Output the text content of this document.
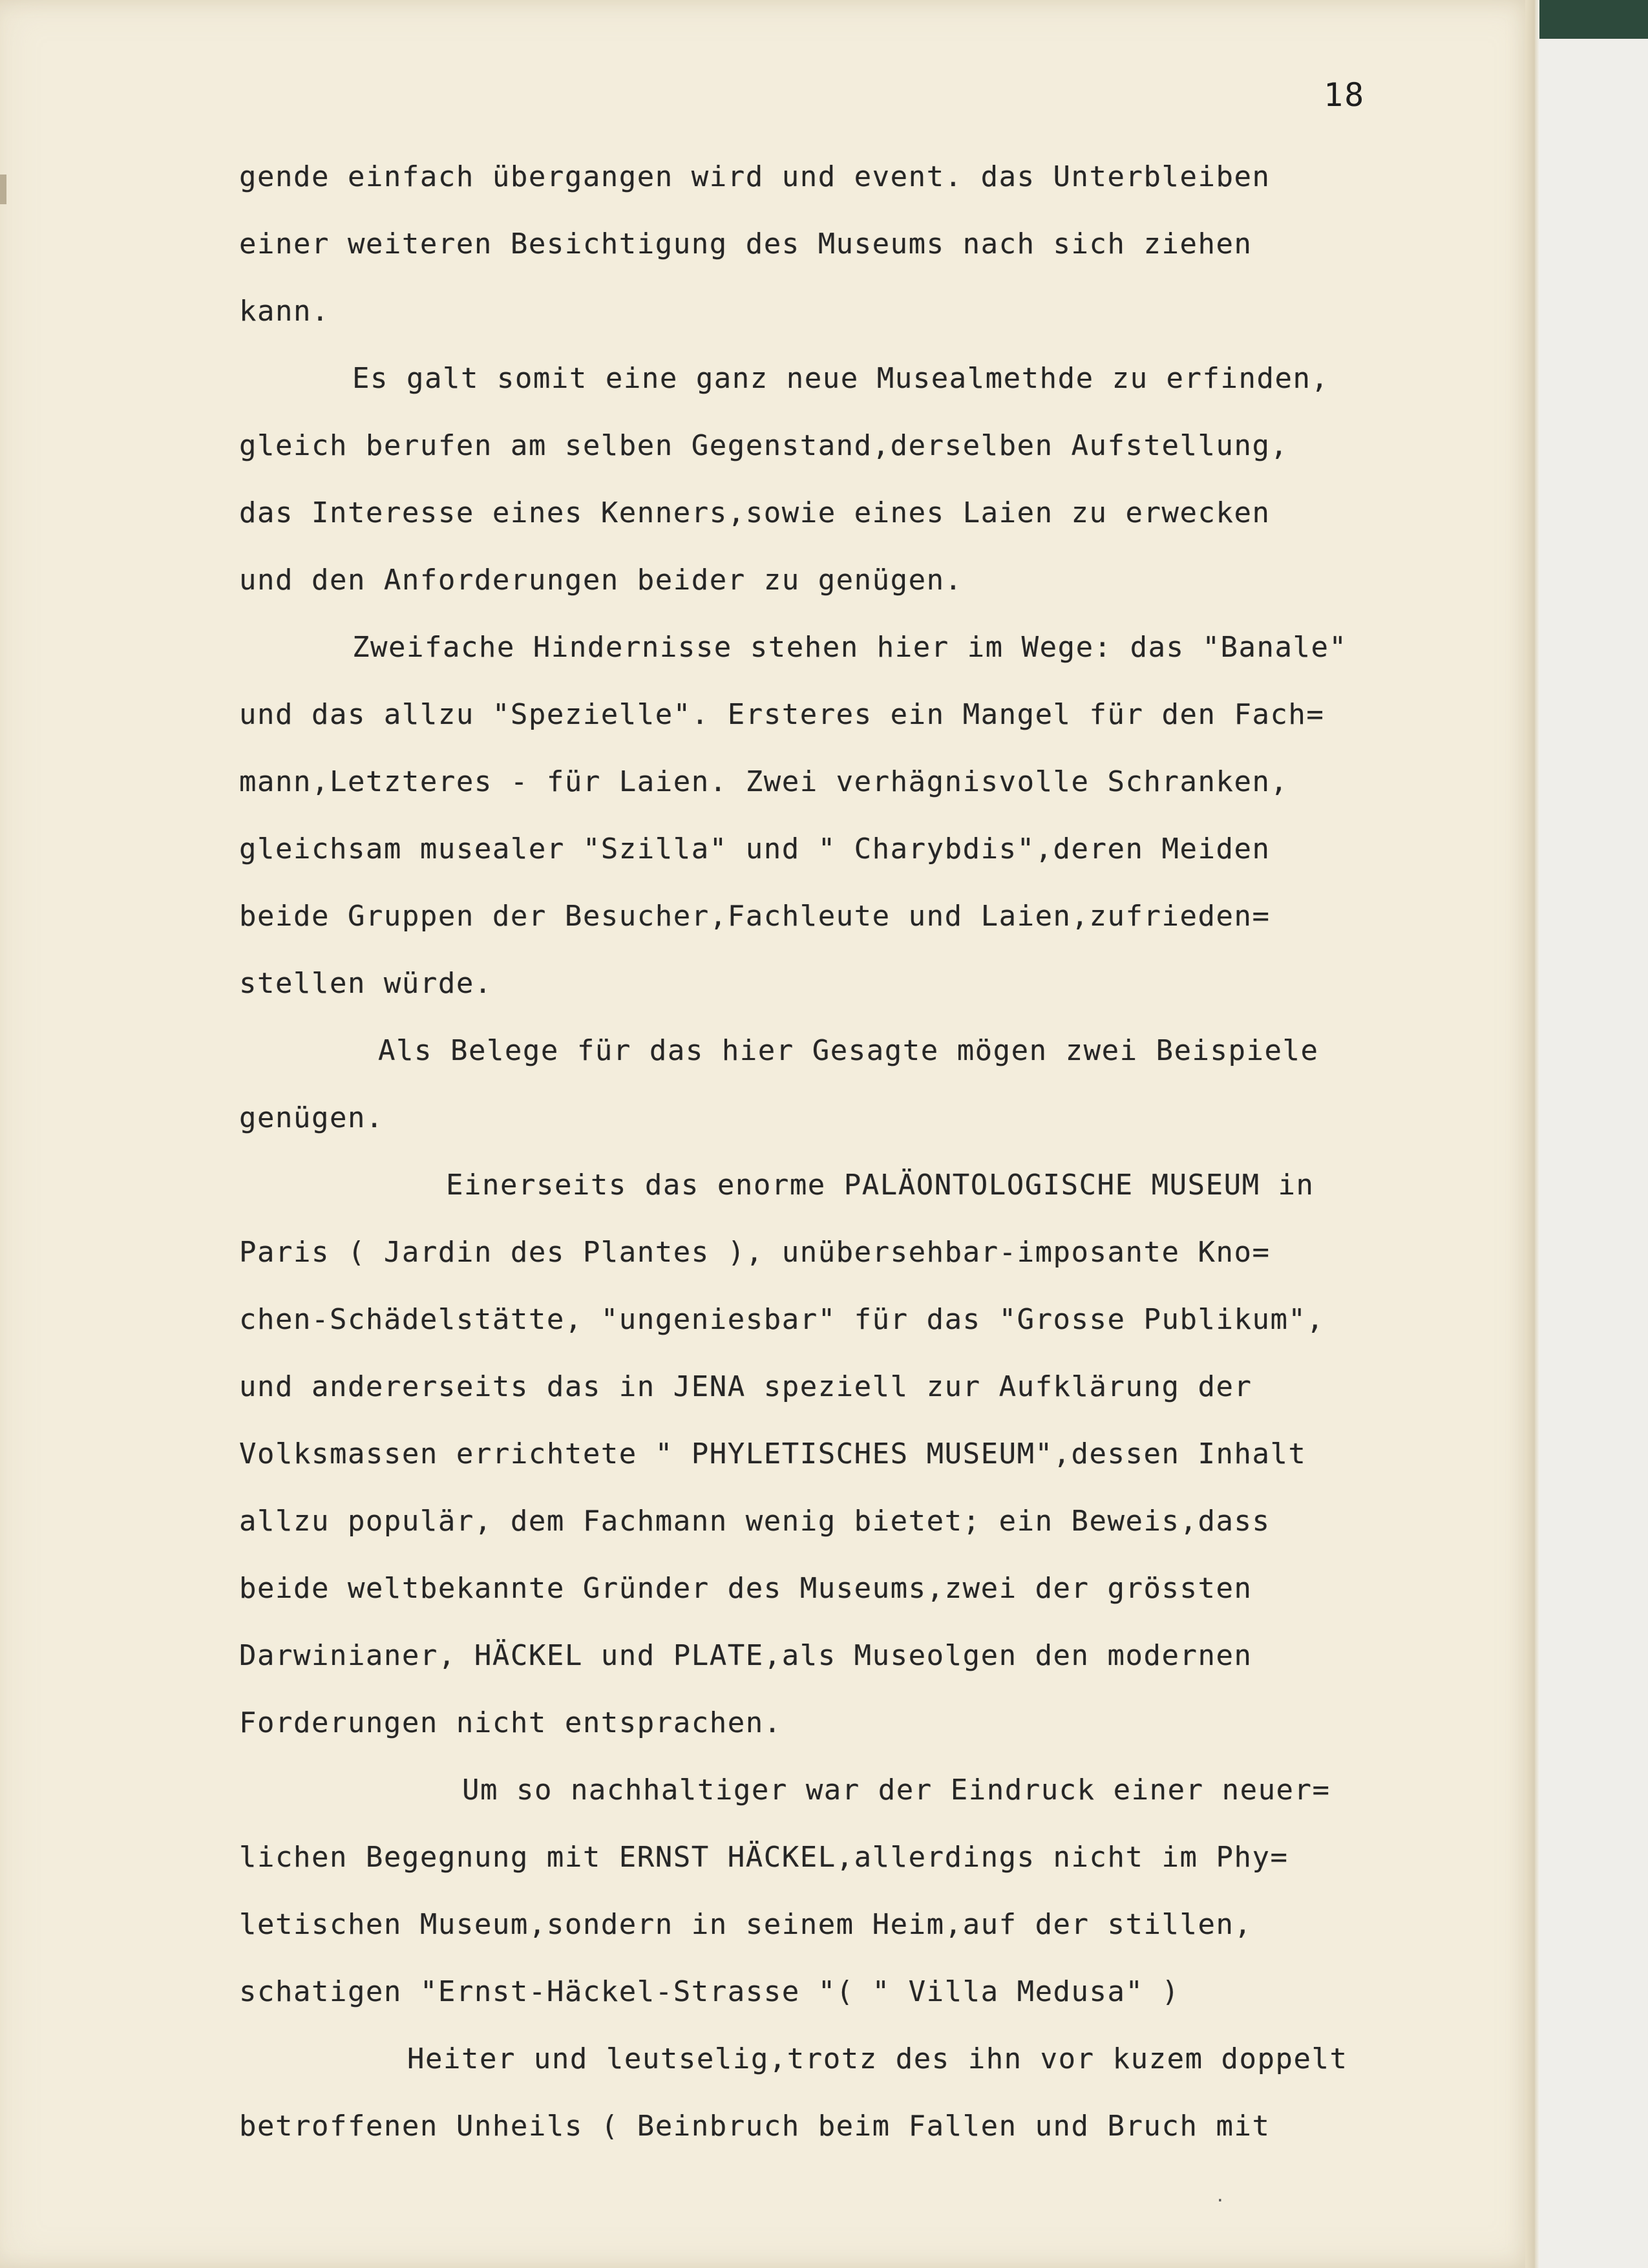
18
gende einfach übergangen wird und event. das Unterbleiben
einer weiteren Besichtigung des Museums nach sich ziehen
kann.
Es galt somit eine ganz neue Musealmethde zu erfinden,
gleich berufen am selben Gegenstand,derselben Aufstellung,
das Interesse eines Kenners,sowie eines Laien zu erwecken
und den Anforderungen beider zu genügen.
Zweifache Hindernisse stehen hier im Wege: das "Banale"
und das allzu "Spezielle". Ersteres ein Mangel für den Fach=
mann,Letzteres - für Laien. Zwei verhägnisvolle Schranken,
gleichsam musealer "Szilla" und " Charybdis",deren Meiden
beide Gruppen der Besucher,Fachleute und Laien,zufrieden=
stellen würde.
Als Belege für das hier Gesagte mögen zwei Beispiele
genügen.
Einerseits das enorme PALÄONTOLOGISCHE MUSEUM in
Paris ( Jardin des Plantes ), unübersehbar-imposante Kno=
chen-Schädelstätte, "ungeniesbar" für das "Grosse Publikum",
und andererseits das in JENA speziell zur Aufklärung der
Volksmassen errichtete " PHYLETISCHES MUSEUM",dessen Inhalt
allzu populär, dem Fachmann wenig bietet; ein Beweis,dass
beide weltbekannte Gründer des Museums,zwei der grössten
Darwinianer, HÄCKEL und PLATE,als Museolgen den modernen
Forderungen nicht entsprachen.
Um so nachhaltiger war der Eindruck einer neuer=
lichen Begegnung mit ERNST HÄCKEL,allerdings nicht im Phy=
letischen Museum,sondern in seinem Heim,auf der stillen,
schatigen "Ernst-Häckel-Strasse "( " Villa Medusa" )
Heiter und leutselig,trotz des ihn vor kuzem doppelt
betroffenen Unheils ( Beinbruch beim Fallen und Bruch mit
·
